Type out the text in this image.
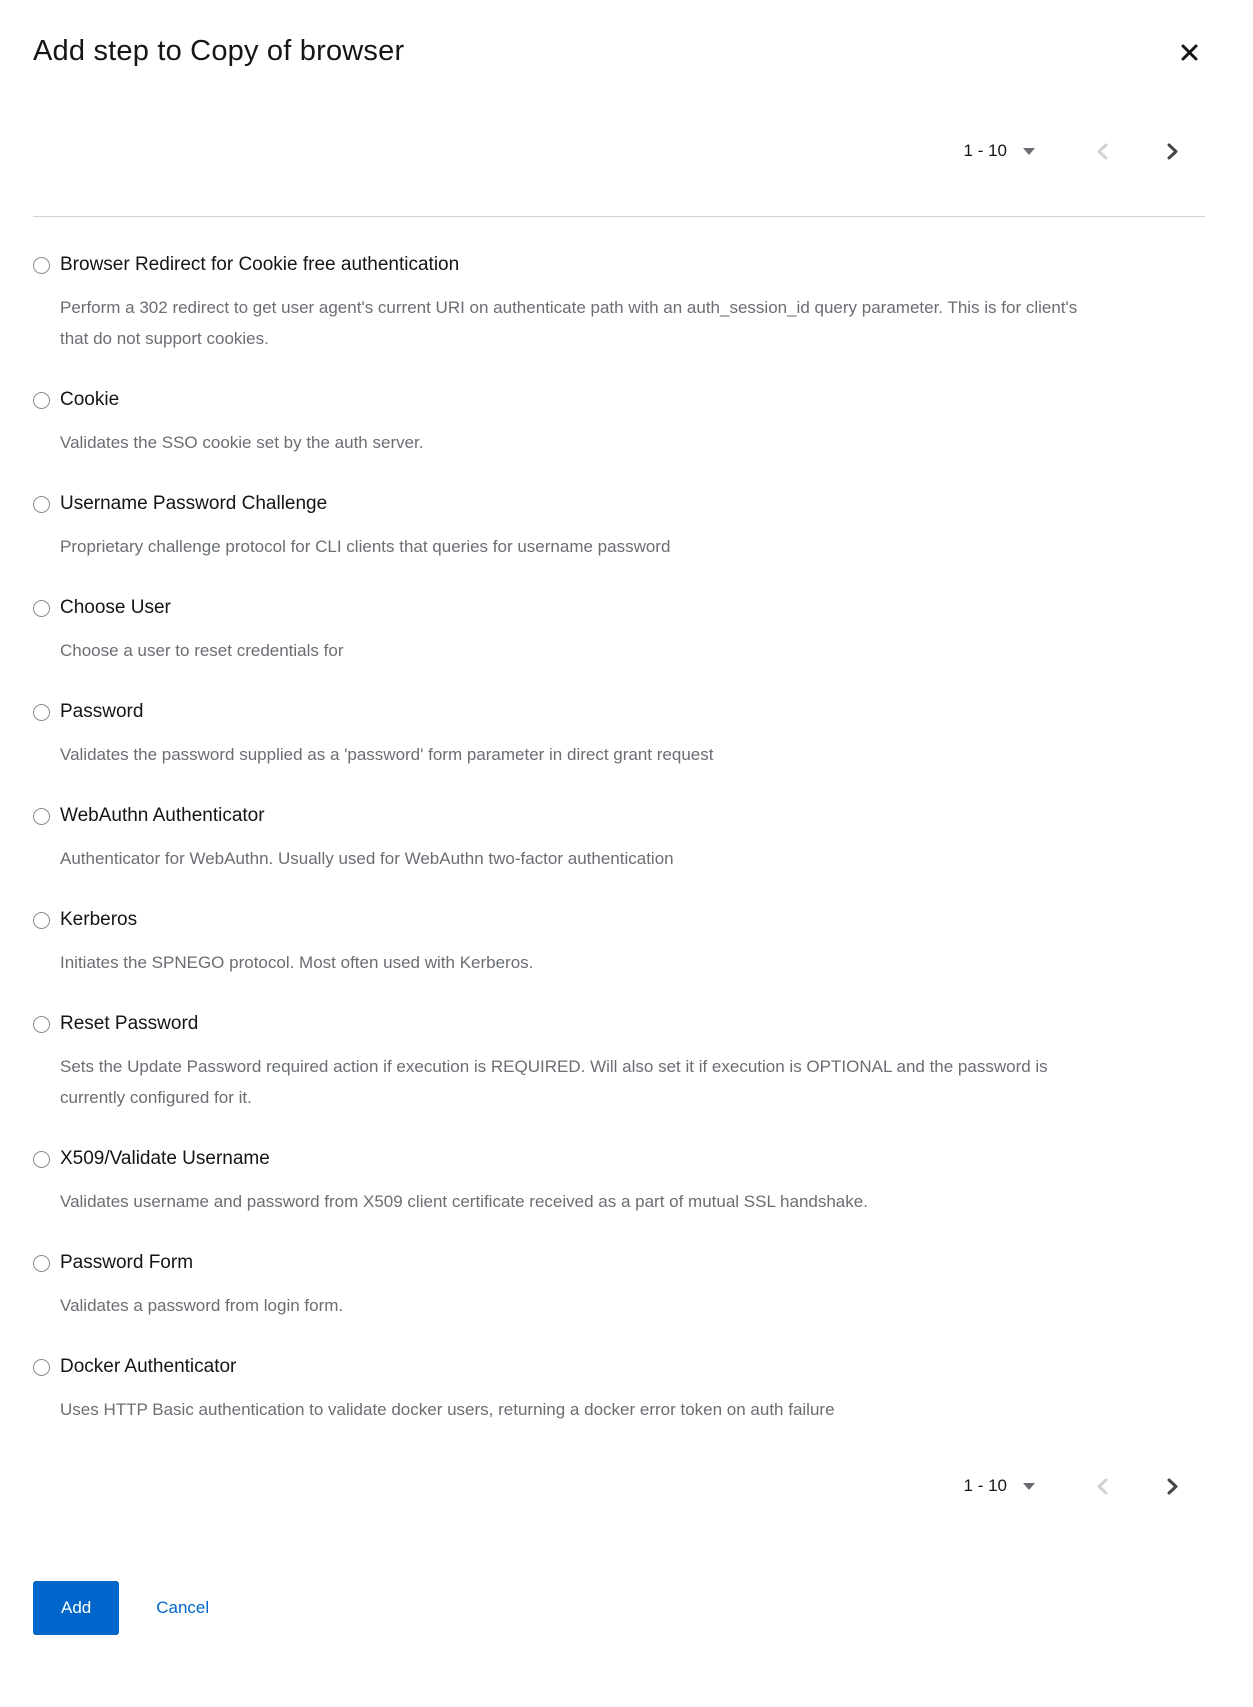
Add step to Copy of browser
1 - 10
Browser Redirect for Cookie free authentication

Perform a 302 redirect to get user agent's current URI on authenticate path with an auth_session_id query parameter. This is for client's that do not support cookies.

Cookie

Validates the SSO cookie set by the auth server.

Username Password Challenge

Proprietary challenge protocol for CLI clients that queries for username password

Choose User

Choose a user to reset credentials for

Password

Validates the password supplied as a 'password' form parameter in direct grant request

WebAuthn Authenticator

Authenticator for WebAuthn. Usually used for WebAuthn two-factor authentication

Kerberos

Initiates the SPNEGO protocol. Most often used with Kerberos.

Reset Password

Sets the Update Password required action if execution is REQUIRED. Will also set it if execution is OPTIONAL and the password is currently configured for it.

X509/Validate Username

Validates username and password from X509 client certificate received as a part of mutual SSL handshake.

Password Form

Validates a password from login form.

Docker Authenticator

Uses HTTP Basic authentication to validate docker users, returning a docker error token on auth failure

1 - 10
Add	Cancel
